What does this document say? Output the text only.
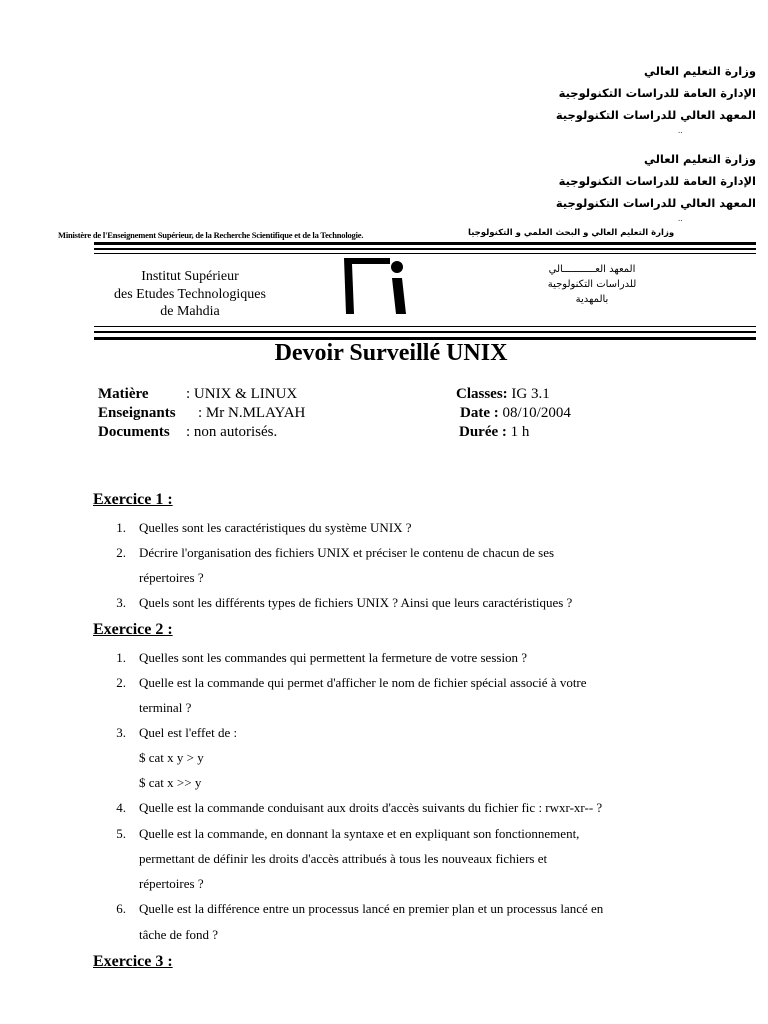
وزارة التعليم العالي
الإدارة العامة للدراسات التكنولوجية
المعهد العالي للدراسات التكنولوجية
..
وزارة التعليم العالي
الإدارة العامة للدراسات التكنولوجية
المعهد العالي للدراسات التكنولوجية
..
Ministère de l'Enseignement Supérieur, de la Recherche Scientifique et de la Technologie.	وزارة التعليم العالي و البحث العلمي و التكنولوجيا
Institut Supérieur
des Etudes Technologiques
de Mahdia
المعهد العـــــــــــالي
للدراسات التكنولوجية
بالمهدية
Devoir Surveillé UNIX
Matière : UNIX & LINUX
Enseignants : Mr N.MLAYAH
Documents : non autorisés.
Classes: IG 3.1
Date : 08/10/2004
Durée : 1 h
Exercice 1 :
1. Quelles sont les caractéristiques du système UNIX ?
2. Décrire l'organisation des fichiers UNIX et préciser le contenu de chacun de ses
répertoires ?
3. Quels sont les différents types de fichiers UNIX ? Ainsi que leurs caractéristiques ?
Exercice 2 :
1. Quelles sont les commandes qui permettent la fermeture de votre session ?
2. Quelle est la commande qui permet d'afficher le nom de fichier spécial associé à votre
terminal ?
3. Quel est l'effet de :
$ cat x y > y
$ cat x >> y
4. Quelle est la commande conduisant aux droits d'accès suivants du fichier fic : rwxr-xr-- ?
5. Quelle est la commande, en donnant la syntaxe et en expliquant son fonctionnement,
permettant de définir les droits d'accès attribués à tous les nouveaux fichiers et
répertoires ?
6. Quelle est la différence entre un processus lancé en premier plan et un processus lancé en
tâche de fond ?
Exercice 3 :
